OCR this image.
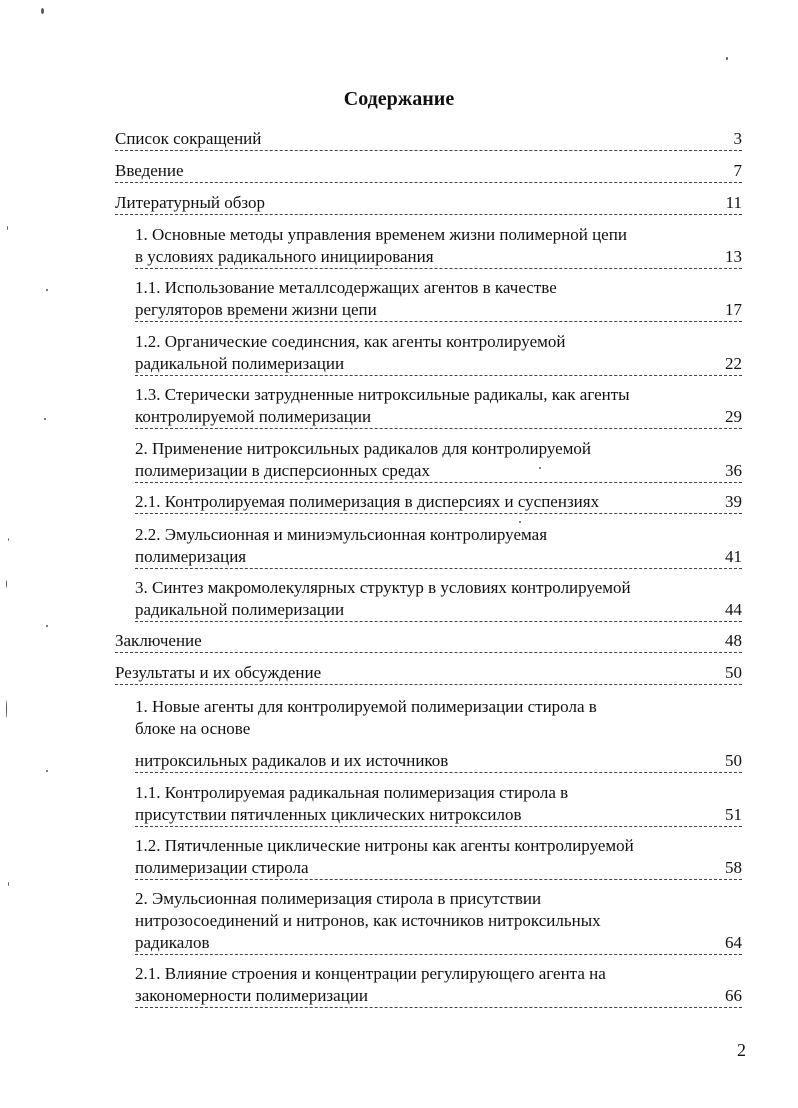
Содержание
Список сокращений	3
Введение	7
Литературный обзор	11
1. Основные методы управления временем жизни полимерной цепи
в условиях радикального инициирования	13
1.1. Использование металлсодержащих агентов в качестве
регуляторов времени жизни цепи	17
1.2. Органические соединсния, как агенты контролируемой
радикальной полимеризации	22
1.3. Стерически затрудненные нитроксильные радикалы, как агенты
контролируемой полимеризации	29
2. Применение нитроксильных радикалов для контролируемой
полимеризации в дисперсионных средах	36
2.1. Контролируемая полимеризация в дисперсиях и суспензиях	39
2.2. Эмульсионная и миниэмульсионная контролируемая
полимеризация	41
3. Синтез макромолекулярных структур в условиях контролируемой
радикальной полимеризации	44
Заключение	48
Результаты и их обсуждение	50
1. Новые агенты для контролируемой полимеризации стирола в
блоке на основе
нитроксильных радикалов и их источников	50
1.1. Контролируемая радикальная полимеризация стирола в
присутствии пятичленных циклических нитроксилов	51
1.2. Пятичленные циклические нитроны как агенты контролируемой
полимеризации стирола	58
2. Эмульсионная полимеризация стирола в присутствии
нитрозосоединений и нитронов, как источников нитроксильных
радикалов	64
2.1. Влияние строения и концентрации регулирующего агента на
закономерности полимеризации	66
2
